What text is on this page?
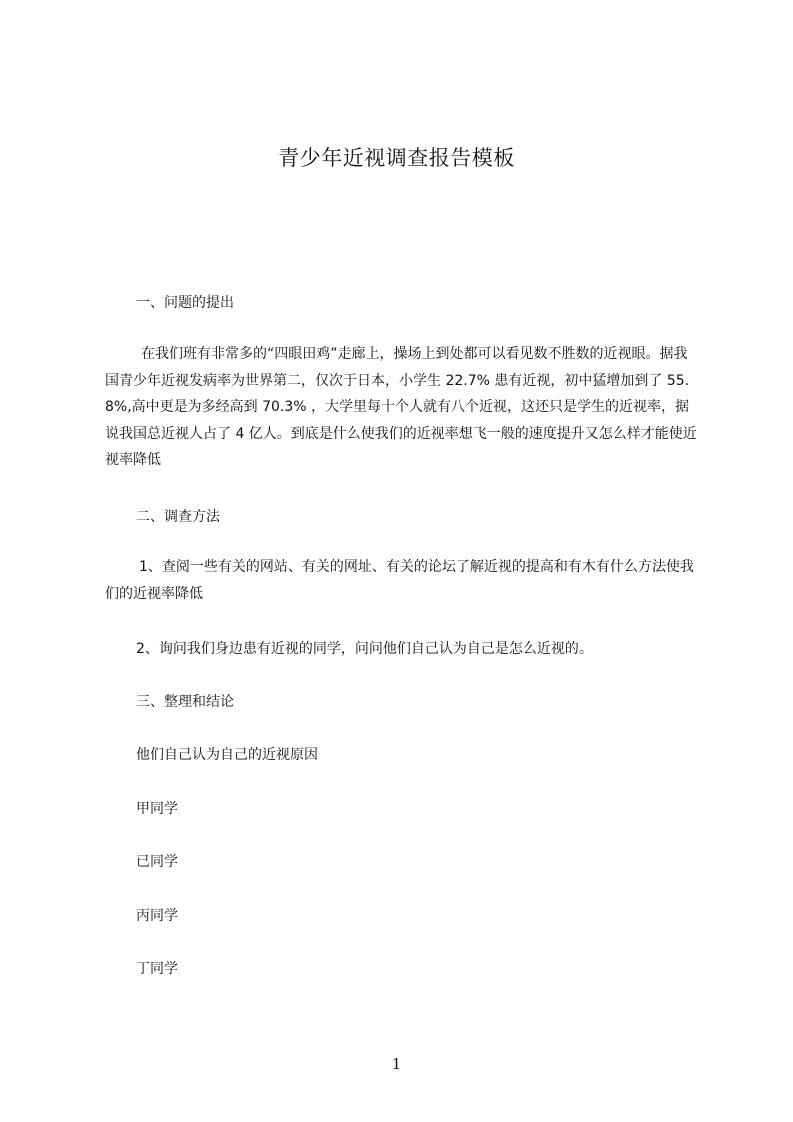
青少年近视调查报告模板
一、问题的提出

在我们班有非常多的“四眼田鸡”走廊上，操场上到处都可以看见数不胜数的近视眼。据我国青少年近视发病率为世界第二，仅次于日本，小学生 22.7% 患有近视，初中猛增加到了 55.8%,高中更是为多经高到 70.3% ，大学里每十个人就有八个近视，这还只是学生的近视率，据说我国总近视人占了 4 亿人。到底是什么使我们的近视率想飞一般的速度提升又怎么样才能使近视率降低

二、调查方法

1、查阅一些有关的网站、有关的网址、有关的论坛了解近视的提高和有木有什么方法使我们的近视率降低

2、询问我们身边患有近视的同学，问问他们自己认为自己是怎么近视的。
三、整理和结论
他们自己认为自己的近视原因
甲同学
已同学
丙同学
丁同学
1
